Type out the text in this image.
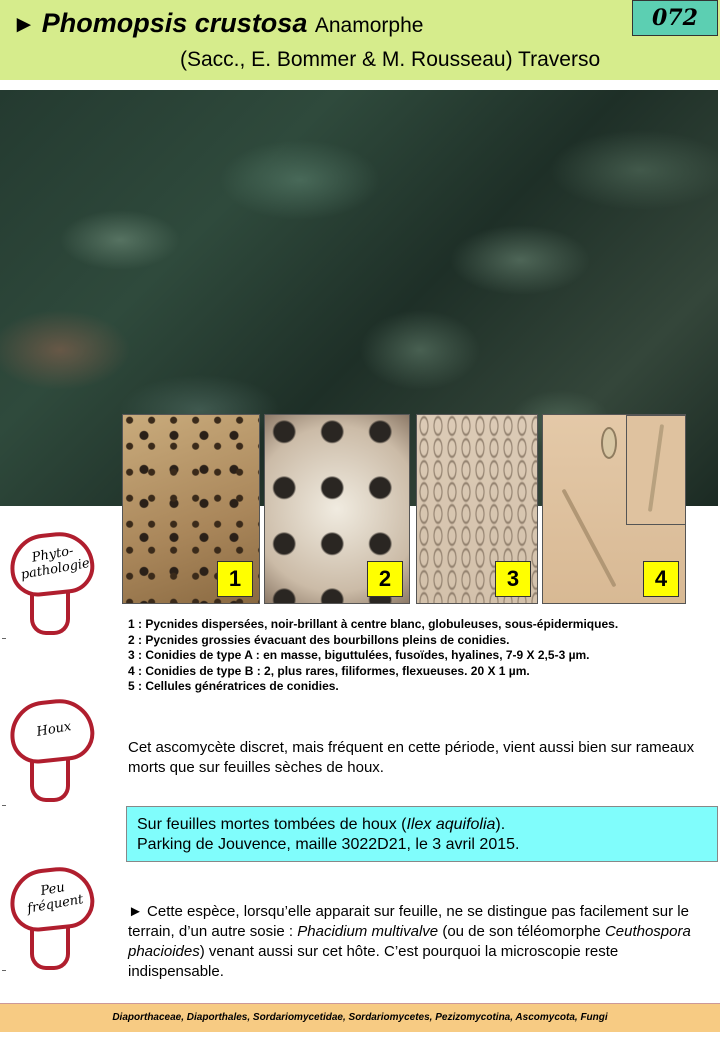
► Phomopsis crustosa Anamorphe
(Sacc., E. Bommer & M. Rousseau) Traverso
072
1	2	3	4
Phyto-pathologie
Houx
Peu fréquent
1 : Pycnides dispersées, noir-brillant à centre blanc, globuleuses, sous-épidermiques.
2 : Pycnides grossies évacuant des bourbillons pleins de conidies.
3 : Conidies de type A : en masse, biguttulées, fusoïdes, hyalines, 7-9 X 2,5-3 µm.
4 : Conidies de type B : 2, plus rares, filiformes, flexueuses. 20 X 1 µm.
5 : Cellules génératrices de conidies.
Cet ascomycète discret, mais fréquent en cette période, vient aussi bien sur rameaux morts que sur feuilles sèches de houx.
Sur feuilles mortes tombées de houx (Ilex aquifolia).
Parking de Jouvence, maille 3022D21, le 3 avril 2015.
► Cette espèce, lorsqu’elle apparait sur feuille, ne se distingue pas facilement sur le terrain, d’un autre sosie : Phacidium multivalve (ou de son téléomorphe Ceuthospora phacioides) venant aussi sur cet hôte. C’est pourquoi la microscopie reste indispensable.
Diaporthaceae, Diaporthales, Sordariomycetidae, Sordariomycetes, Pezizomycotina, Ascomycota, Fungi
